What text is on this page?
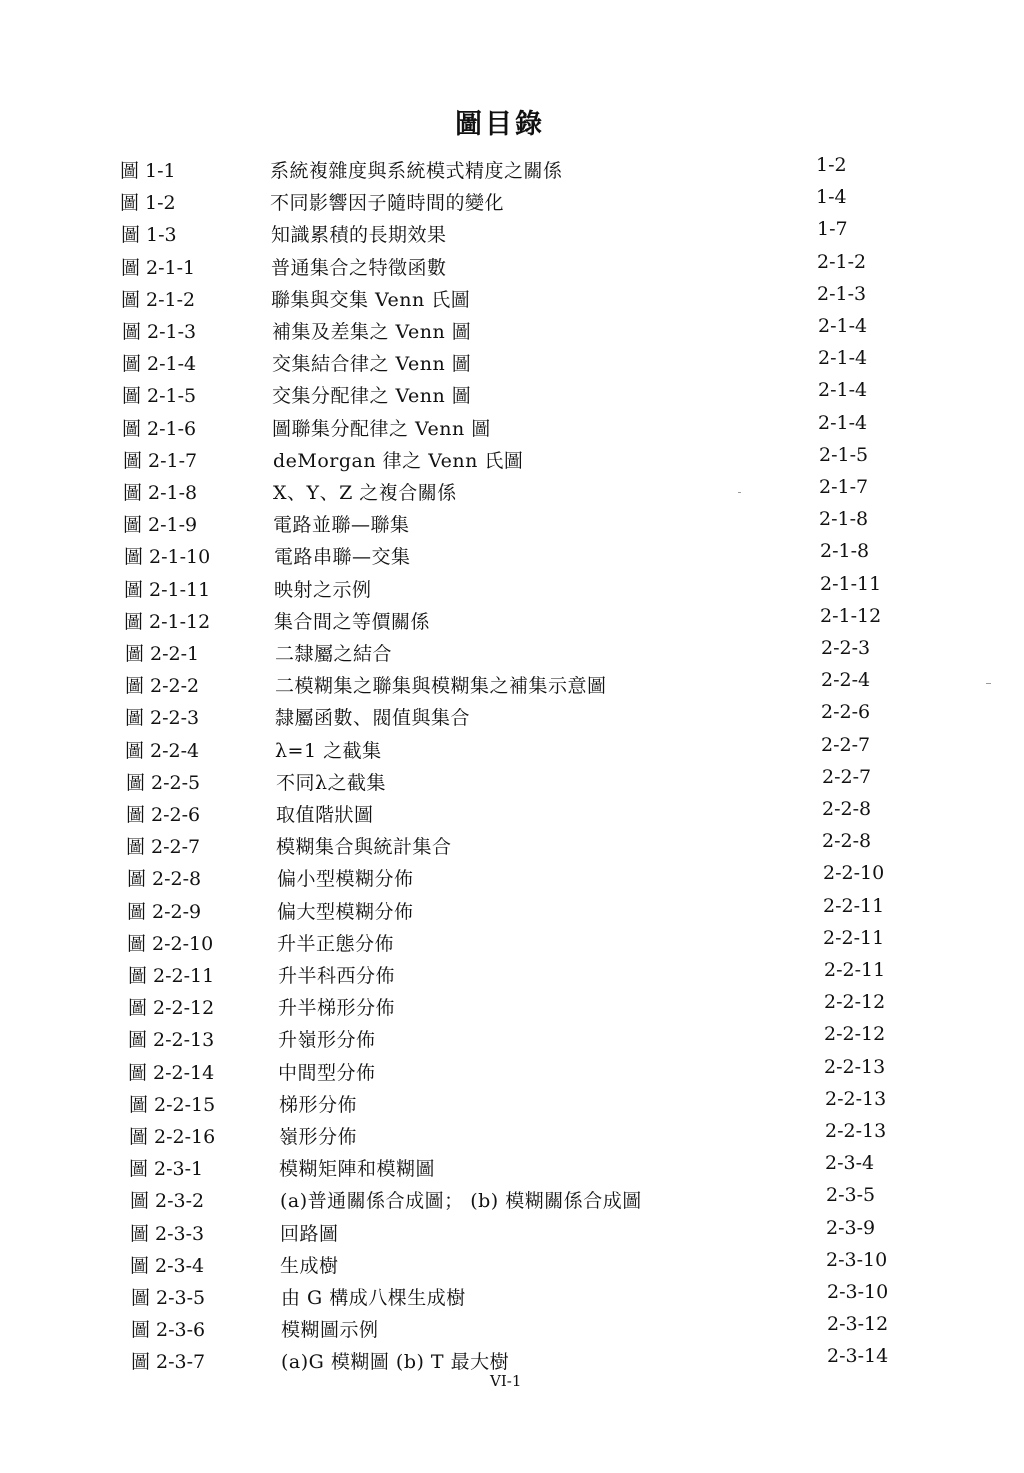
圖目錄
圖 1-1	系統複雜度與系統模式精度之關係	1-2
圖 1-2	不同影響因子隨時間的變化	1-4
圖 1-3	知識累積的長期效果	1-7
圖 2-1-1	普通集合之特徵函數	2-1-2
圖 2-1-2	聯集與交集 Venn 氏圖	2-1-3
圖 2-1-3	補集及差集之 Venn 圖	2-1-4
圖 2-1-4	交集結合律之 Venn 圖	2-1-4
圖 2-1-5	交集分配律之 Venn 圖	2-1-4
圖 2-1-6	圖聯集分配律之 Venn 圖	2-1-4
圖 2-1-7	deMorgan 律之 Venn 氏圖	2-1-5
圖 2-1-8	X、Y、Z 之複合關係	2-1-7
圖 2-1-9	電路並聯—聯集	2-1-8
圖 2-1-10	電路串聯—交集	2-1-8
圖 2-1-11	映射之示例	2-1-11
圖 2-1-12	集合間之等價關係	2-1-12
圖 2-2-1	二隸屬之結合	2-2-3
圖 2-2-2	二模糊集之聯集與模糊集之補集示意圖	2-2-4
圖 2-2-3	隸屬函數、閥值與集合	2-2-6
圖 2-2-4	λ=1 之截集	2-2-7
圖 2-2-5	不同λ之截集	2-2-7
圖 2-2-6	取值階狀圖	2-2-8
圖 2-2-7	模糊集合與統計集合	2-2-8
圖 2-2-8	偏小型模糊分佈	2-2-10
圖 2-2-9	偏大型模糊分佈	2-2-11
圖 2-2-10	升半正態分佈	2-2-11
圖 2-2-11	升半科西分佈	2-2-11
圖 2-2-12	升半梯形分佈	2-2-12
圖 2-2-13	升嶺形分佈	2-2-12
圖 2-2-14	中間型分佈	2-2-13
圖 2-2-15	梯形分佈	2-2-13
圖 2-2-16	嶺形分佈	2-2-13
圖 2-3-1	模糊矩陣和模糊圖	2-3-4
圖 2-3-2	(a)普通關係合成圖； (b) 模糊關係合成圖	2-3-5
圖 2-3-3	回路圖	2-3-9
圖 2-3-4	生成樹	2-3-10
圖 2-3-5	由 G 構成八棵生成樹	2-3-10
圖 2-3-6	模糊圖示例	2-3-12
圖 2-3-7	(a)G 模糊圖 (b) T 最大樹	2-3-14
VI-1
